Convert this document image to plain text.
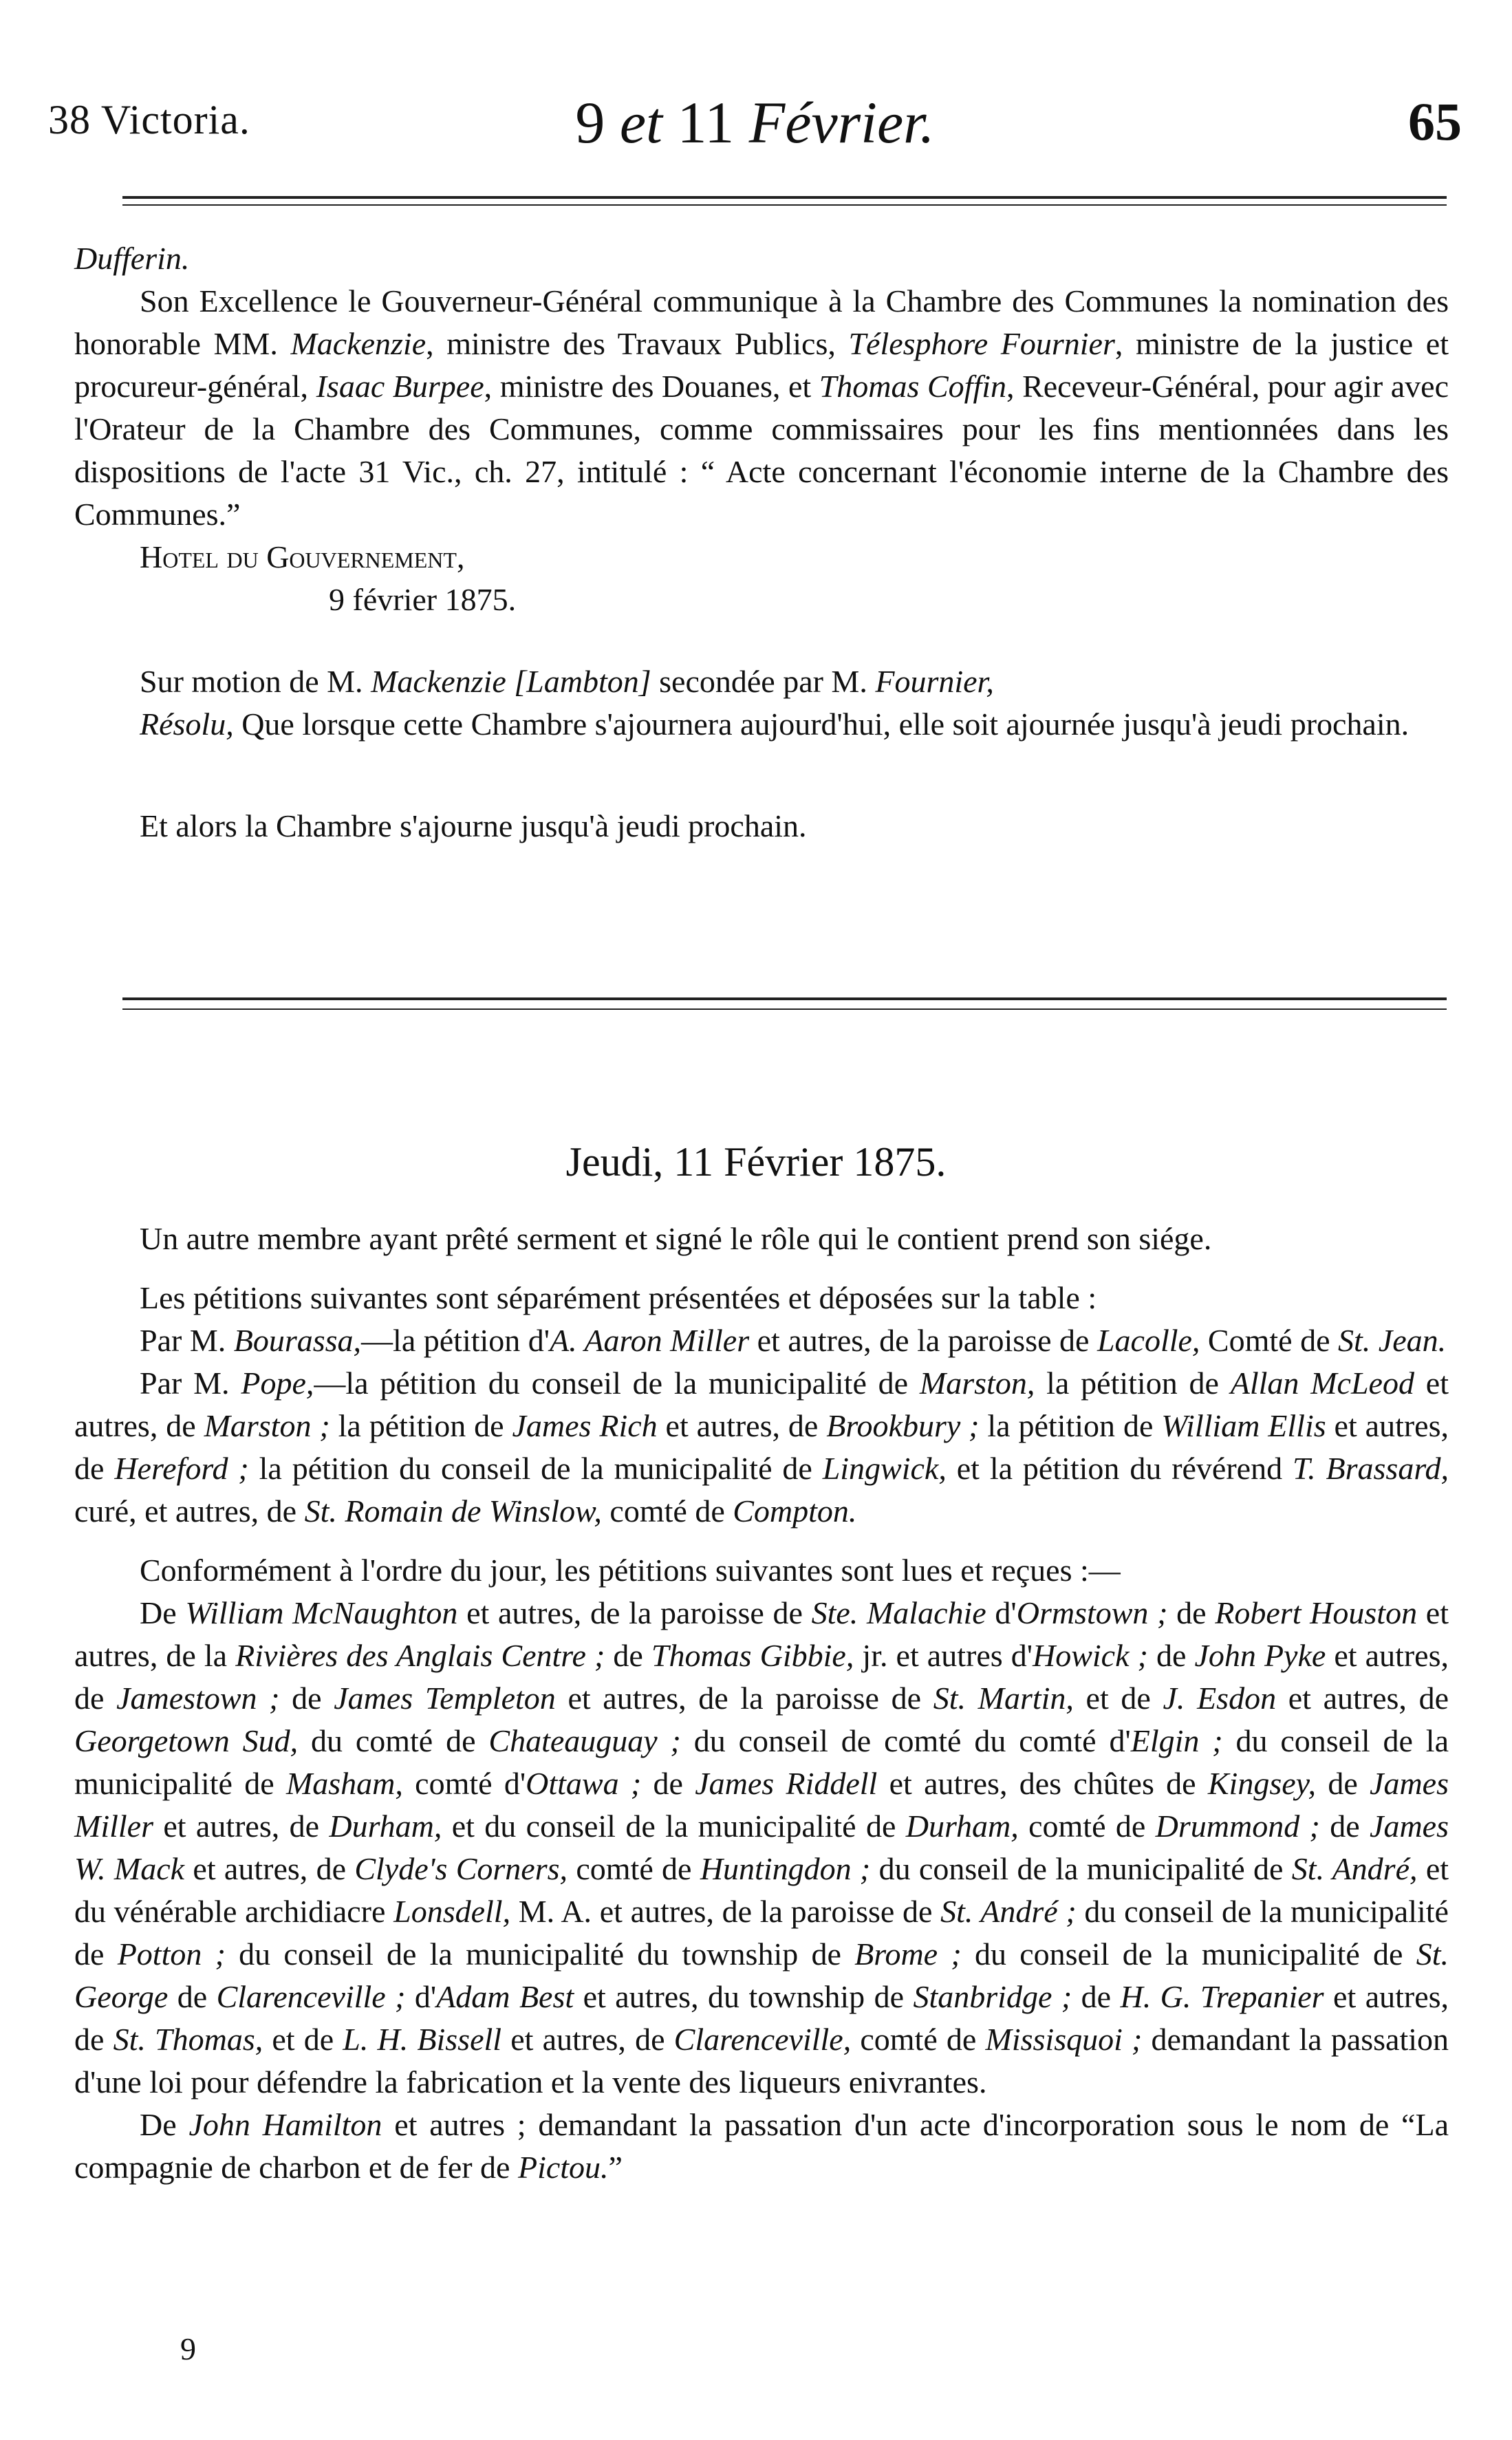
38 Victoria.	9 et 11 Février.	65

Dufferin.

Son Excellence le Gouverneur-Général communique à la Chambre des Communes la nomination des honorable MM. Mackenzie, ministre des Travaux Publics, Télesphore Fournier, ministre de la justice et procureur-général, Isaac Burpee, ministre des Douanes, et Thomas Coffin, Receveur-Général, pour agir avec l'Orateur de la Chambre des Communes, comme commissaires pour les fins mentionnées dans les dispositions de l'acte 31 Vic., ch. 27, intitulé : “ Acte concernant l'économie interne de la Chambre des Communes.”

Hotel du Gouvernement,

9 février 1875.

Sur motion de M. Mackenzie [Lambton] secondée par M. Fournier,

Résolu, Que lorsque cette Chambre s'ajournera aujourd'hui, elle soit ajournée jusqu'à jeudi prochain.

Et alors la Chambre s'ajourne jusqu'à jeudi prochain.

Jeudi, 11 Février 1875.

Un autre membre ayant prêté serment et signé le rôle qui le contient prend son siége.

Les pétitions suivantes sont séparément présentées et déposées sur la table :

Par M. Bourassa,—la pétition d'A. Aaron Miller et autres, de la paroisse de Lacolle, Comté de St. Jean.

Par M. Pope,—la pétition du conseil de la municipalité de Marston, la pétition de Allan McLeod et autres, de Marston ; la pétition de James Rich et autres, de Brookbury ; la pétition de William Ellis et autres, de Hereford ; la pétition du conseil de la municipalité de Lingwick, et la pétition du révérend T. Brassard, curé, et autres, de St. Romain de Winslow, comté de Compton.

Conformément à l'ordre du jour, les pétitions suivantes sont lues et reçues :—

De William McNaughton et autres, de la paroisse de Ste. Malachie d'Ormstown ; de Robert Houston et autres, de la Rivières des Anglais Centre ; de Thomas Gibbie, jr. et autres d'Howick ; de John Pyke et autres, de Jamestown ; de James Templeton et autres, de la paroisse de St. Martin, et de J. Esdon et autres, de Georgetown Sud, du comté de Chateauguay ; du conseil de comté du comté d'Elgin ; du conseil de la municipalité de Masham, comté d'Ottawa ; de James Riddell et autres, des chûtes de Kingsey, de James Miller et autres, de Durham, et du conseil de la municipalité de Durham, comté de Drummond ; de James W. Mack et autres, de Clyde's Corners, comté de Huntingdon ; du conseil de la municipalité de St. André, et du vénérable archidiacre Lonsdell, M. A. et autres, de la paroisse de St. André ; du conseil de la municipalité de Potton ; du conseil de la municipalité du township de Brome ; du conseil de la municipalité de St. George de Clarenceville ; d'Adam Best et autres, du township de Stanbridge ; de H. G. Trepanier et autres, de St. Thomas, et de L. H. Bissell et autres, de Clarenceville, comté de Missisquoi ; demandant la passation d'une loi pour défendre la fabrication et la vente des liqueurs enivrantes.

De John Hamilton et autres ; demandant la passation d'un acte d'incorporation sous le nom de “La compagnie de charbon et de fer de Pictou.”

9
